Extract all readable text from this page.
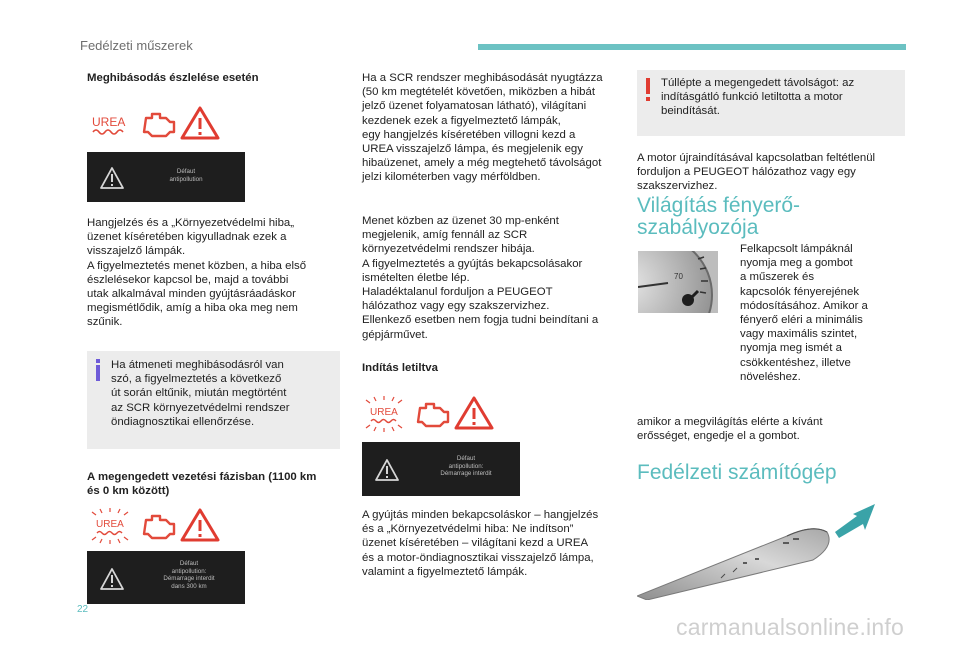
Fedélzeti műszerek
Meghibásodás észlelése esetén
UREA
Défaut
antipollution
Hangjelzés és a „Környezetvédelmi hiba„
üzenet kíséretében kigyulladnak ezek a
visszajelző lámpák.
A figyelmeztetés menet közben, a hiba első
észlelésekor kapcsol be, majd a további
utak alkalmával minden gyújtásráadáskor
megismétlődik, amíg a hiba oka meg nem
szűnik.
Ha átmeneti meghibásodásról van
szó, a figyelmeztetés a következő
út során eltűnik, miután megtörtént
az SCR környezetvédelmi rendszer
öndiagnosztikai ellenőrzése.
A megengedett vezetési fázisban (1100 km
és 0 km között)
UREA
Défaut
antipollution:
Démarrage interdit
dans 300 km
Ha a SCR rendszer meghibásodását nyugtázza
(50 km megtételét követően, miközben a hibát
jelző üzenet folyamatosan látható), világítani
kezdenek ezek a figyelmeztető lámpák,
egy hangjelzés kíséretében villogni kezd a
UREA visszajelző lámpa, és megjelenik egy
hibaüzenet, amely a még megtehető távolságot
jelzi kilométerben vagy mérföldben.
Menet közben az üzenet 30 mp-enként
megjelenik, amíg fennáll az SCR
környezetvédelmi rendszer hibája.
A figyelmeztetés a gyújtás bekapcsolásakor
ismételten életbe lép.
Haladéktalanul forduljon a PEUGEOT
hálózathoz vagy egy szakszervizhez.
Ellenkező esetben nem fogja tudni beindítani a
gépjárművet.
Indítás letiltva
UREA
Défaut
antipollution:
Démarrage interdit
A gyújtás minden bekapcsoláskor – hangjelzés
és a „Környezetvédelmi hiba: Ne indítson”
üzenet kíséretében – világítani kezd a UREA
és a motor-öndiagnosztikai visszajelző lámpa,
valamint a figyelmeztető lámpák.
Túllépte a megengedett távolságot: az
indításgátló funkció letiltotta a motor
beindítását.
A motor újraindításával kapcsolatban feltétlenül
forduljon a PEUGEOT hálózathoz vagy egy
szakszervizhez.
Világítás fényerő-
szabályozója
70
Felkapcsolt lámpáknál
nyomja meg a gombot
a műszerek és
kapcsolók fényerejének
módosításához. Amikor a
fényerő eléri a minimális
vagy maximális szintet,
nyomja meg ismét a
csökkentéshez, illetve
növeléshez.
amikor a megvilágítás elérte a kívánt
erősséget, engedje el a gombot.
Fedélzeti számítógép
22
carmanualsonline.info
